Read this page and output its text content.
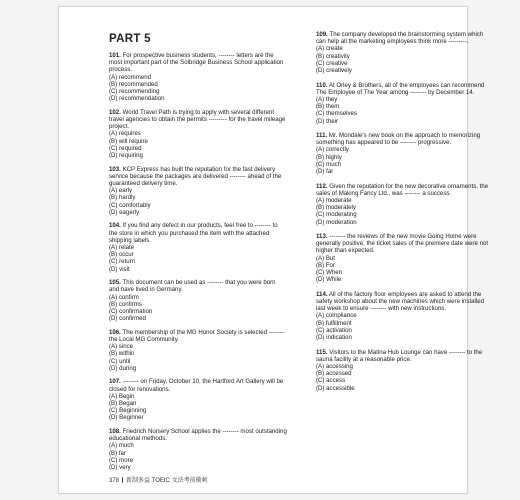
PART 5

101. For prospective business students, -------- letters are the most important part of the Solbridge Business School application process.

(A) recommend
(B) recommended
(C) recommending
(D) recommendation

102. World Travel Path is trying to apply with several different travel agencies to obtain the permits --------- for the travel mileage project.

(A) requires
(B) will require
(C) required
(D) requiring

103. KCP Express has built the reputation for the fast delivery service because the packages are delivered -------- ahead of the guaranteed delivery time.

(A) early
(B) hardly
(C) comfortably
(D) eagerly

104. If you find any defect in our products, feel free to -------- to the store in which you purchased the item with the attached shipping labels.

(A) relate
(B) occur
(C) return
(D) visit

105. This document can be used as -------- that you were born and have lived in Germany.

(A) confirm
(B) confirms
(C) confirmation
(D) confirmed

106. The membership of the MG Honor Society is selected -------- the Local MG Community.

(A) since
(B) within
(C) until
(D) during

107. -------- on Friday, October 10, the Hartford Art Gallery will be closed for renovations.

(A) Begin
(B) Began
(C) Beginning
(D) Beginner

108. Friedrich Nursery School applies the -------- most outstanding educational methods.

(A) much
(B) far
(C) more
(D) very

109. The company developed the brainstorming system which can help all the marketing employees think more ---------.

(A) create
(B) creativity
(C) creative
(D) creatively

110. At Orley & Brothers, all of the employees can recommend The Employee of The Year among -------- by December 14.

(A) they
(B) them
(C) themselves
(D) their

111. Mr. Mondale's new book on the approach to memorizing something has appeared to be -------- progressive.

(A) correctly
(B) highly
(C) much
(D) far

112. Given the reputation for the new decorative ornaments, the sales of Making Fancy Ltd., was -------- a success.

(A) moderate
(B) moderately
(C) moderating
(D) moderation

113. -------- the reviews of the new movie Going Home were generally positive, the ticket sales of the premiere date were not higher than expected.

(A) But
(B) For
(C) When
(D) While

114. All of the factory floor employees are asked to attend the safety workshop about the new machines which were installed last week to ensure -------- with new instructions.

(A) compliance
(B) fulfillment
(C) activation
(D) indication

115. Visitors to the Matina Hub Lounge can have -------- to the sauna facility at a reasonable price.

(A) accessing
(B) accessed
(C) access
(D) accessible
378 新制多益 TOEIC 文法考前衝刺
